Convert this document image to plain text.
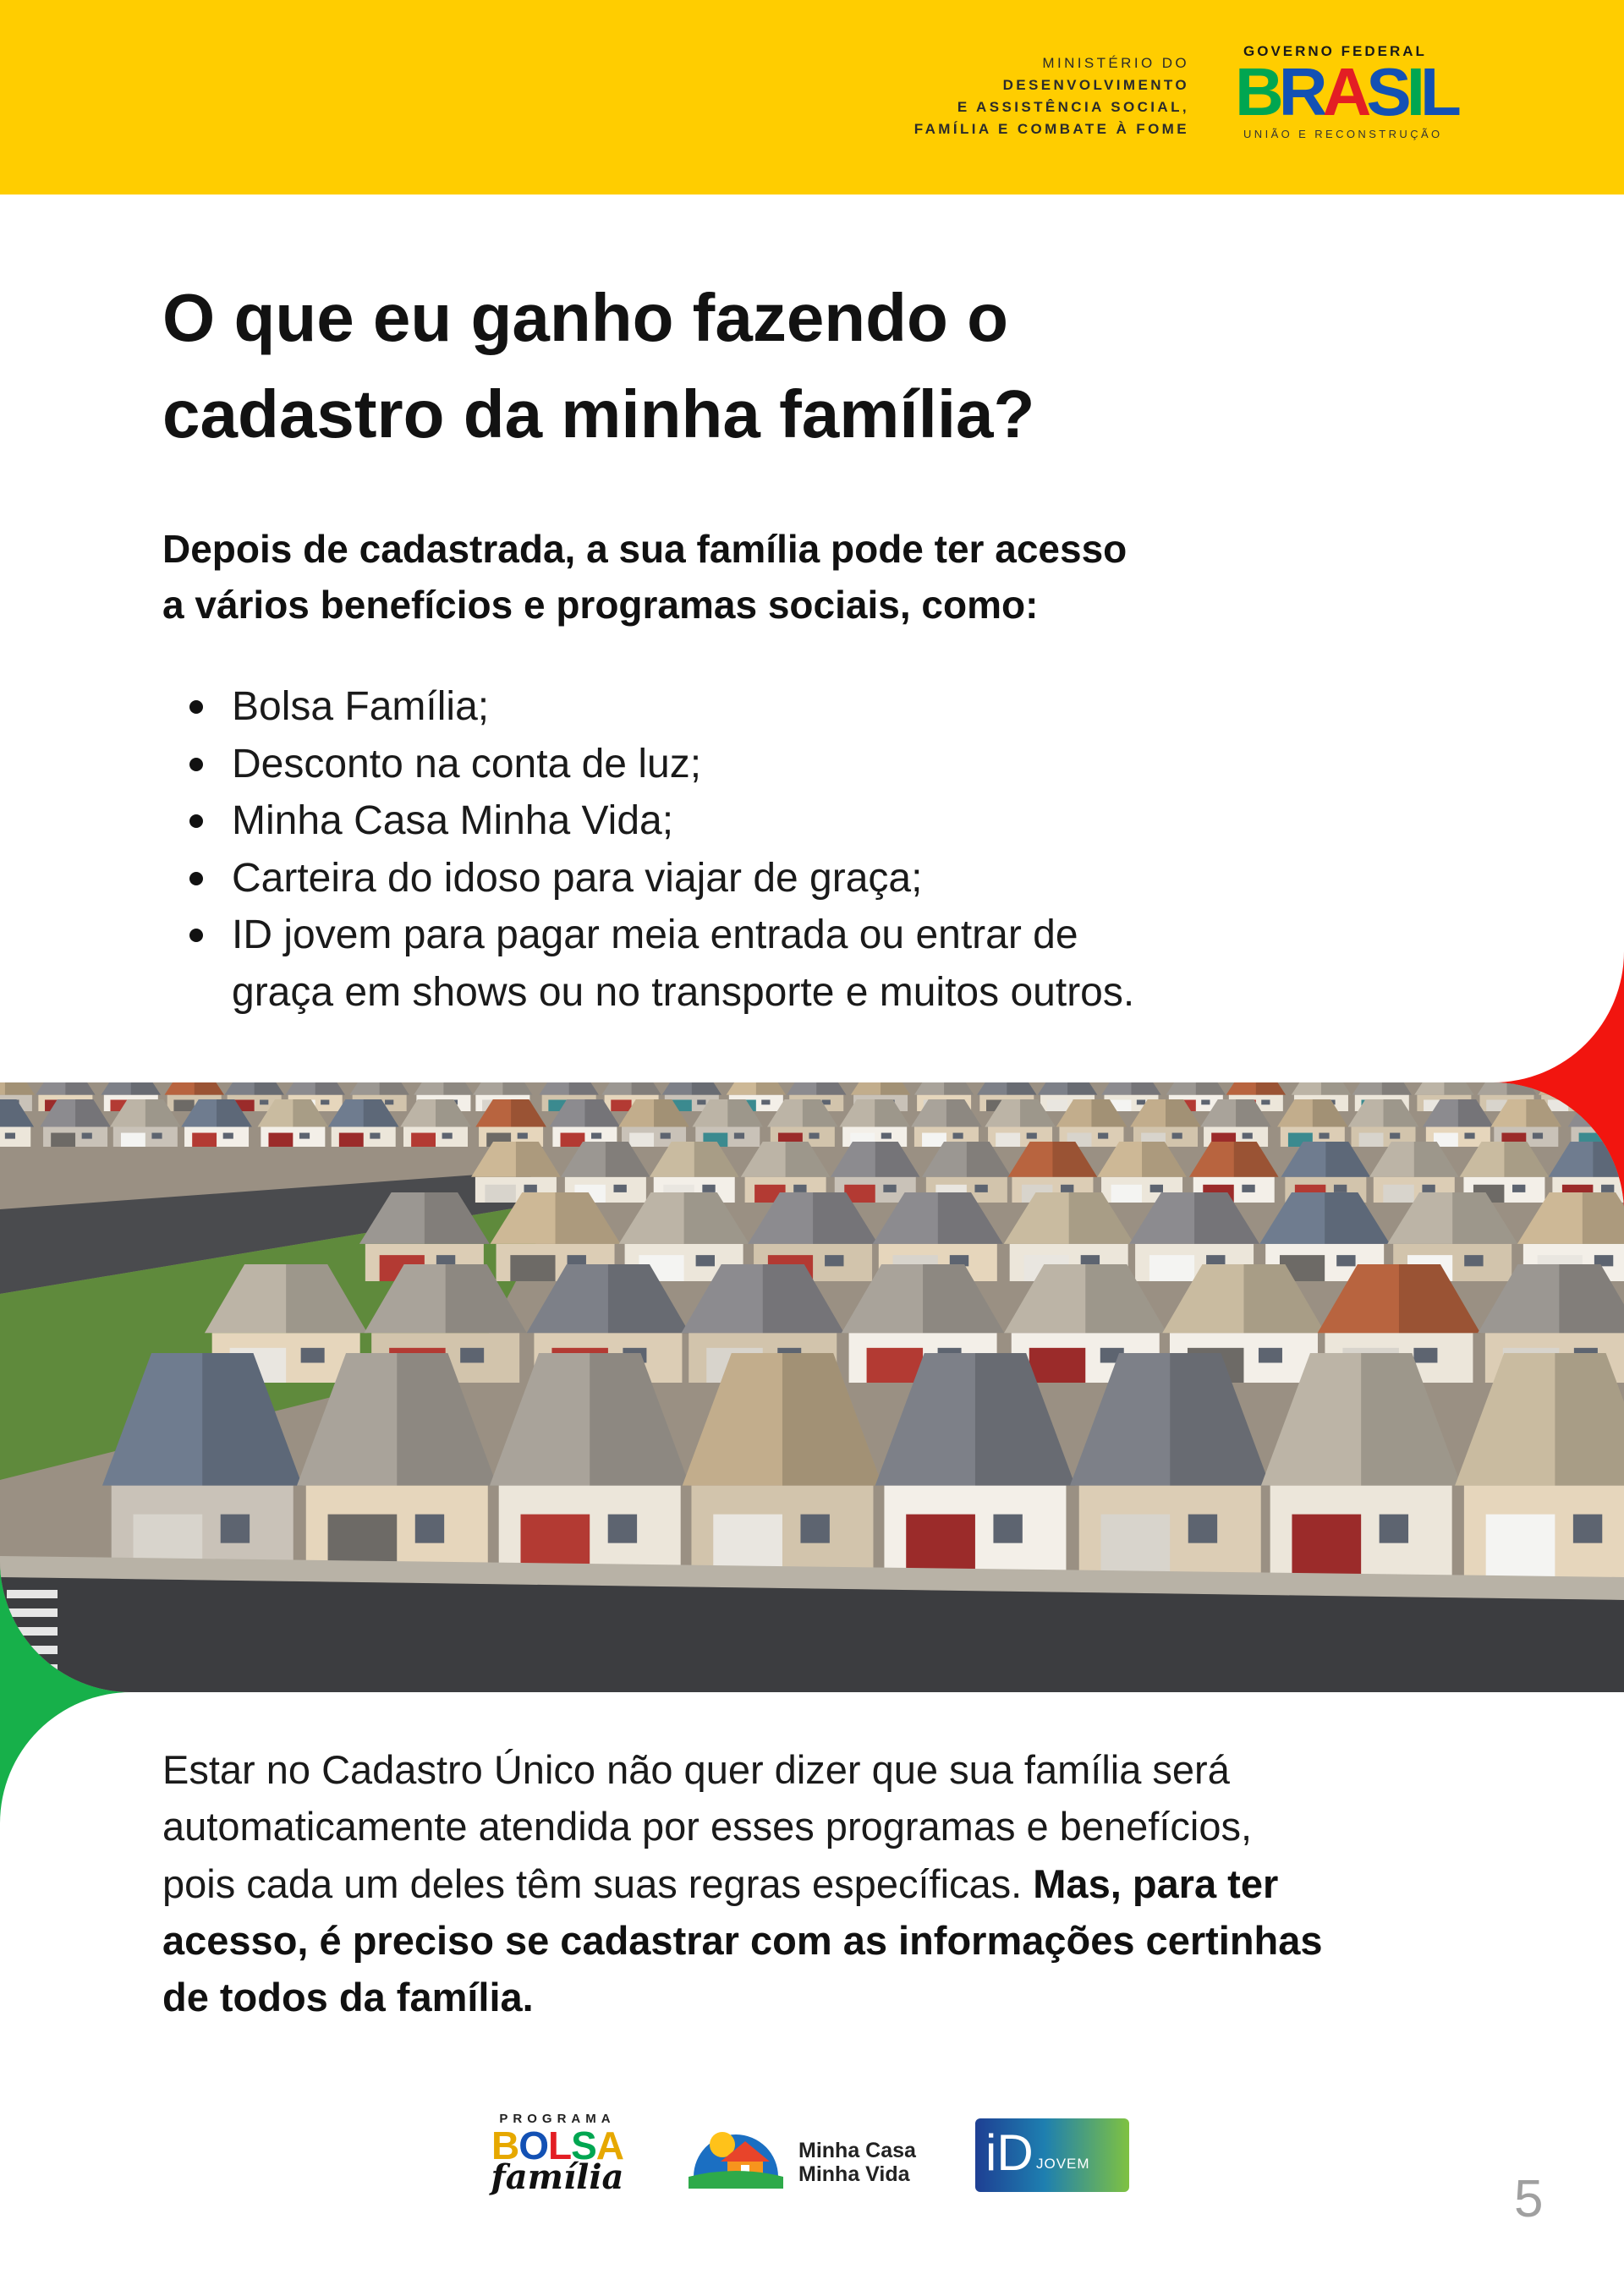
MINISTÉRIO DO
DESENVOLVIMENTO
E ASSISTÊNCIA SOCIAL,
FAMÍLIA E COMBATE À FOME
GOVERNO FEDERAL
BRASIL
UNIÃO E RECONSTRUÇÃO
O que eu ganho fazendo o
cadastro da minha família?
Depois de cadastrada, a sua família pode ter acesso
a vários benefícios e programas sociais, como:
Bolsa Família;
Desconto na conta de luz;
Minha Casa Minha Vida;
Carteira do idoso para viajar de graça;
ID jovem para pagar meia entrada ou entrar de
graça em shows ou no transporte e muitos outros.
Estar no Cadastro Único não quer dizer que sua família será
automaticamente atendida por esses programas e benefícios,
pois cada um deles têm suas regras específicas. Mas, para ter
acesso, é preciso se cadastrar com as informações certinhas
de todos da família.
PROGRAMA
BOLSA
família
Minha Casa
Minha Vida iD JOVEM
5
